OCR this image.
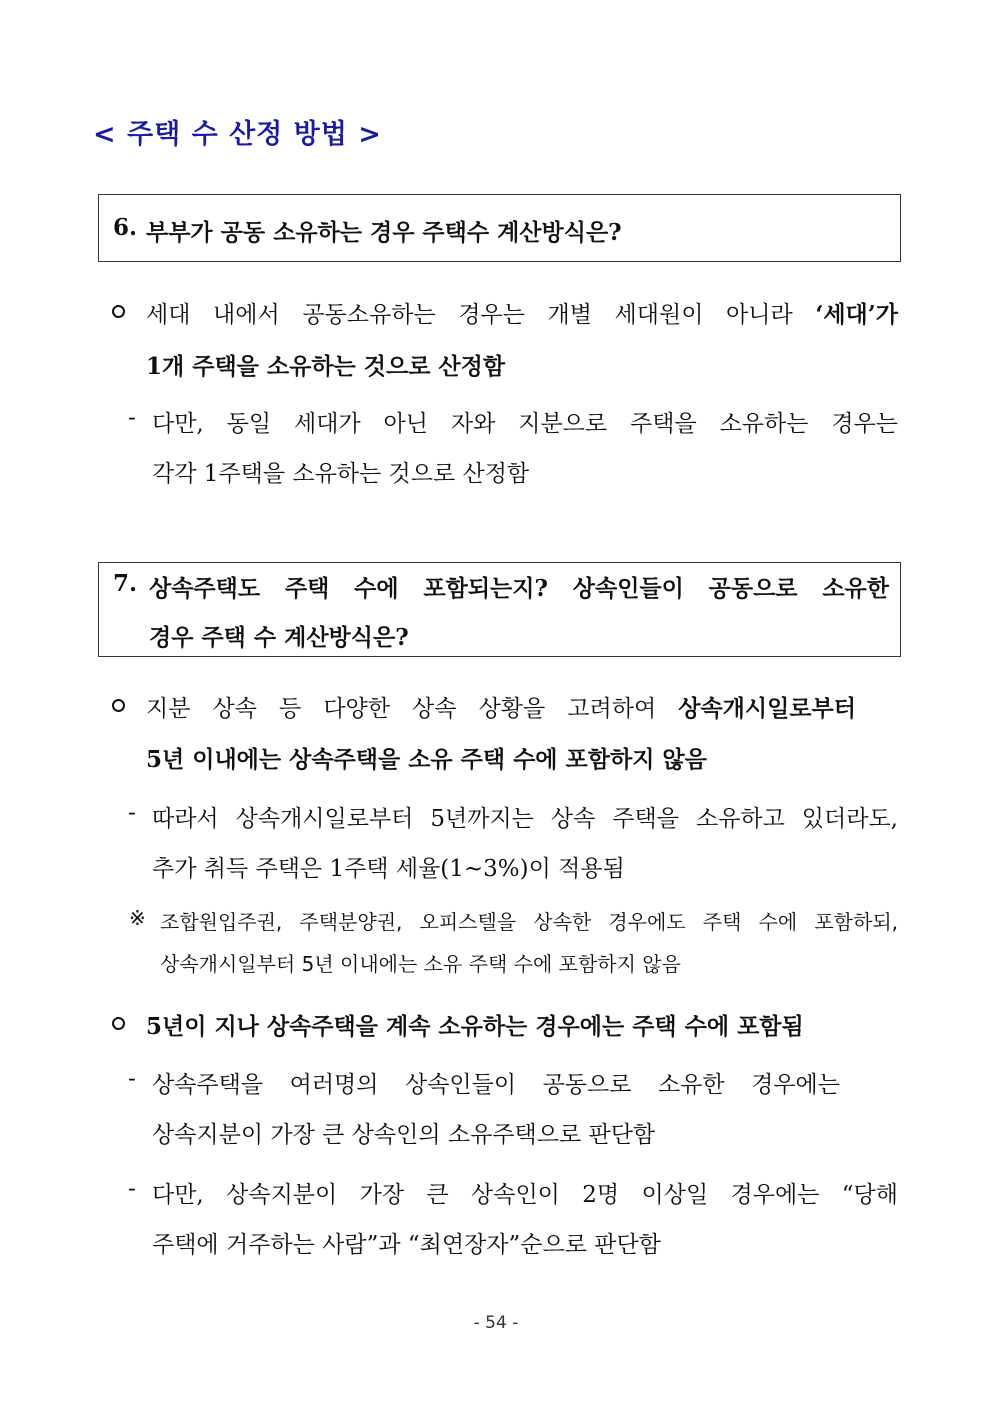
< 주택 수 산정 방법 >
6. 부부가 공동 소유하는 경우 주택수 계산방식은?
세대 내에서 공동소유하는 경우는 개별 세대원이 아니라 ‘세대’가
1개 주택을 소유하는 것으로 산정함
- 다만, 동일 세대가 아닌 자와 지분으로 주택을 소유하는 경우는
각각 1주택을 소유하는 것으로 산정함
7. 상속주택도 주택 수에 포함되는지? 상속인들이 공동으로 소유한
경우 주택 수 계산방식은?
지분 상속 등 다양한 상속 상황을 고려하여 상속개시일로부터
5년 이내에는 상속주택을 소유 주택 수에 포함하지 않음
- 따라서 상속개시일로부터 5년까지는 상속 주택을 소유하고 있더라도,
추가 취득 주택은 1주택 세율(1~3%)이 적용됨
※ 조합원입주권, 주택분양권, 오피스텔을 상속한 경우에도 주택 수에 포함하되,
상속개시일부터 5년 이내에는 소유 주택 수에 포함하지 않음
5년이 지나 상속주택을 계속 소유하는 경우에는 주택 수에 포함됨
- 상속주택을 여러명의 상속인들이 공동으로 소유한 경우에는
상속지분이 가장 큰 상속인의 소유주택으로 판단함
- 다만, 상속지분이 가장 큰 상속인이 2명 이상일 경우에는 “당해
주택에 거주하는 사람”과 “최연장자”순으로 판단함
- 54 -
